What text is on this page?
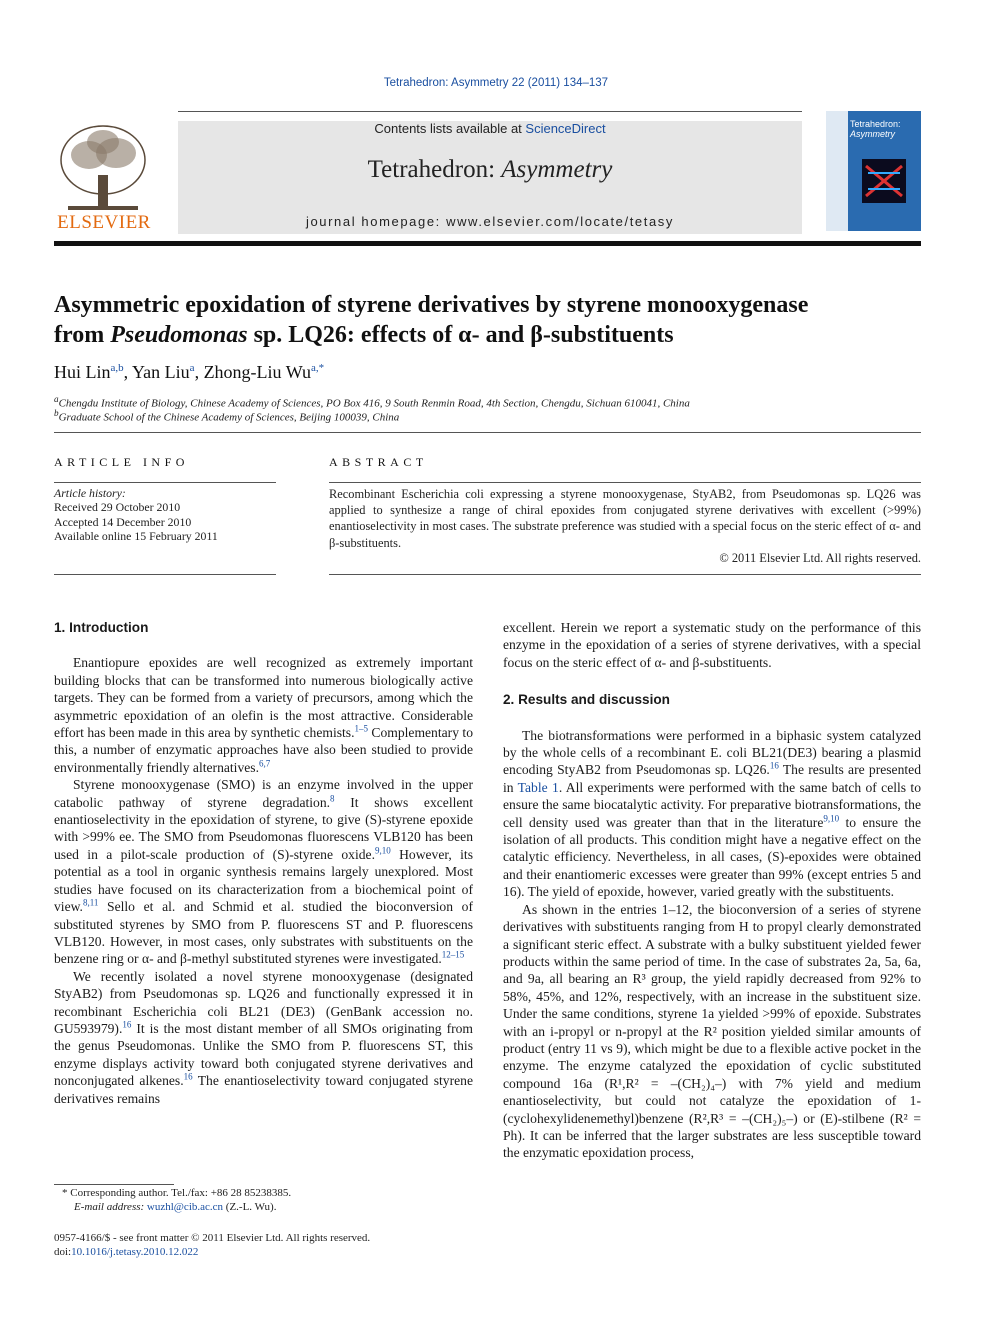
Tetrahedron: Asymmetry 22 (2011) 134–137
ELSEVIER
Contents lists available at ScienceDirect
Tetrahedron: Asymmetry
journal homepage: www.elsevier.com/locate/tetasy
Tetrahedron:
Asymmetry
Asymmetric epoxidation of styrene derivatives by styrene monooxygenase
from Pseudomonas sp. LQ26: effects of α- and β-substituents
Hui Lin$^{a,b}$, Yan Liu$^a$, Zhong-Liu $Wu^{a,*}$
$^a$Chengdu Institute of Biology, Chinese Academy of Sciences, PO Box 416, 9 South Renmin Road, 4th Section, Chengdu, Sichuan 610041, China
$^b$Graduate School of the Chinese Academy of Sciences, Beijing 100039, China
ARTICLE INFO
Article history:
Received 29 October 2010
Accepted 14 December 2010
Available online 15 February 2011
ABSTRACT
Recombinant Escherichia coli expressing a styrene monooxygenase, StyAB2, from Pseudomonas sp. LQ26 was applied to synthesize a range of chiral epoxides from conjugated styrene derivatives with excellent (>99%) enantioselectivity in most cases. The substrate preference was studied with a special focus on the steric effect of α- and β-substituents.
© 2011 Elsevier Ltd. All rights reserved.
1. Introduction

Enantiopure epoxides are well recognized as extremely important building blocks that can be transformed into numerous biologically active targets. They can be formed from a variety of precursors, among which the asymmetric epoxidation of an olefin is the most attractive. Considerable effort has been made in this area by synthetic chemists.$^{1-5}$ Complementary to this, a number of enzymatic approaches have also been studied to provide environmentally friendly alternatives.$^{6,7}$

Styrene monooxygenase (SMO) is an enzyme involved in the upper catabolic pathway of styrene degradation.$^8$ It shows excellent enantioselectivity in the epoxidation of styrene, to give (S)-styrene epoxide with >99% ee. The SMO from Pseudomonas fluorescens VLB120 has been used in a pilot-scale production of (S)-styrene oxide.$^{9,10}$ However, its potential as a tool in organic synthesis remains largely unexplored. Most studies have focused on its characterization from a biochemical point of view.$^{8,11}$ Sello et al. and Schmid et al. studied the bioconversion of substituted styrenes by SMO from P. fluorescens ST and P. fluorescens VLB120. However, in most cases, only substrates with substituents on the benzene ring or α- and β-methyl substituted styrenes were investigated.$^{12-15}$

We recently isolated a novel styrene monooxygenase (designated StyAB2) from Pseudomonas sp. LQ26 and functionally expressed it in recombinant Escherichia coli BL21 (DE3) (GenBank accession no. GU593979).$^{16}$ It is the most distant member of all SMOs originating from the genus Pseudomonas. Unlike the SMO from P. fluorescens ST, this enzyme displays activity toward both conjugated styrene derivatives and nonconjugated alkenes.$^{16}$ The enantioselectivity toward conjugated styrene derivatives remains

excellent. Herein we report a systematic study on the performance of this enzyme in the epoxidation of a series of styrene derivatives, with a special focus on the steric effect of α- and β-substituents.

2. Results and discussion

The biotransformations were performed in a biphasic system catalyzed by the whole cells of a recombinant E. coli BL21(DE3) bearing a plasmid encoding StyAB2 from Pseudomonas sp. LQ26.16 The results are presented in Table 1. All experiments were performed with the same batch of cells to ensure the same biocatalytic activity. For preparative biotransformations, the cell density used was greater than that in the literature$^{9,10}$ to ensure the isolation of all products. This condition might have a negative effect on the catalytic efficiency. Nevertheless, in all cases, (S)-epoxides were obtained and their enantiomeric excesses were greater than 99% (except entries 5 and 16). The yield of epoxide, however, varied greatly with the substituents.

As shown in the entries 1–12, the bioconversion of a series of styrene derivatives with substituents ranging from H to propyl clearly demonstrated a significant steric effect. A substrate with a bulky substituent yielded fewer products within the same period of time. In the case of substrates 2a, 5a, 6a, and 9a, all bearing an R³ group, the yield rapidly decreased from 92% to 58%, 45%, and 12%, respectively, with an increase in the substituent size. Under the same conditions, styrene 1a yielded >99% of epoxide. Substrates with an i-propyl or n-propyl at the R² position yielded similar amounts of product (entry 11 vs 9), which might be due to a flexible active pocket in the enzyme. The enzyme catalyzed the epoxidation of cyclic substituted compound 16a (R¹,R² = –(CH₂)₄–) with 7% yield and medium enantioselectivity, but could not catalyze the epoxidation of 1-(cyclohexylidenemethyl)benzene (R²,R³ = –(CH₂)₅–) or (E)-stilbene (R² = Ph). It can be inferred that the larger substrates are less susceptible toward the enzymatic epoxidation process,

* Corresponding author. Tel./fax: +86 28 85238385.
E-mail address: wuzhl@cib.ac.cn (Z.-L. Wu).
0957-4166/$ - see front matter © 2011 Elsevier Ltd. All rights reserved.
doi:10.1016/j.tetasy.2010.12.022
